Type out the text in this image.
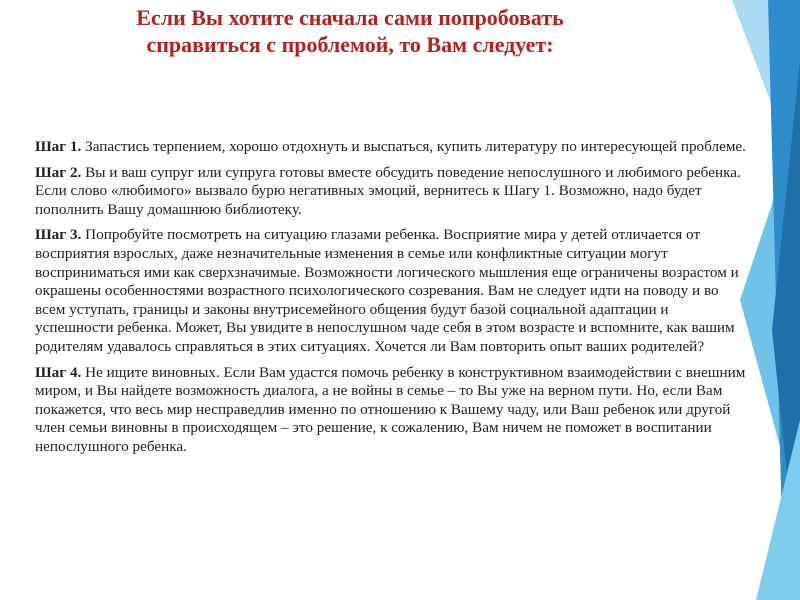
Если Вы хотите сначала сами попробовать
справиться с проблемой, то Вам следует:

Шаг 1. Запастись терпением, хорошо отдохнуть и выспаться, купить литературу по интересующей проблеме.

Шаг 2. Вы и ваш супруг или супруга готовы вместе обсудить поведение непослушного и любимого ребенка. Если слово «любимого» вызвало бурю негативных эмоций, вернитесь к Шагу 1. Возможно, надо будет пополнить Вашу домашнюю библиотеку.

Шаг 3. Попробуйте посмотреть на ситуацию глазами ребенка. Восприятие мира у детей отличается от восприятия взрослых, даже незначительные изменения в семье или конфликтные ситуации могут восприниматься ими как сверхзначимые. Возможности логического мышления еще ограничены возрастом и окрашены особенностями возрастного психологического созревания. Вам не следует идти на поводу и во всем уступать, границы и законы внутрисемейного общения будут базой социальной адаптации и успешности ребенка. Может, Вы увидите в непослушном чаде себя в этом возрасте и вспомните, как вашим родителям удавалось справляться в этих ситуациях. Хочется ли Вам повторить опыт ваших родителей?

Шаг 4. Не ищите виновных. Если Вам удастся помочь ребенку в конструктивном взаимодействии с внешним миром, и Вы найдете возможность диалога, а не войны в семье – то Вы уже на верном пути. Но, если Вам покажется, что весь мир несправедлив именно по отношению к Вашему чаду, или Ваш ребенок или другой член семьи виновны в происходящем – это решение, к сожалению, Вам ничем не поможет в воспитании непослушного ребенка.
